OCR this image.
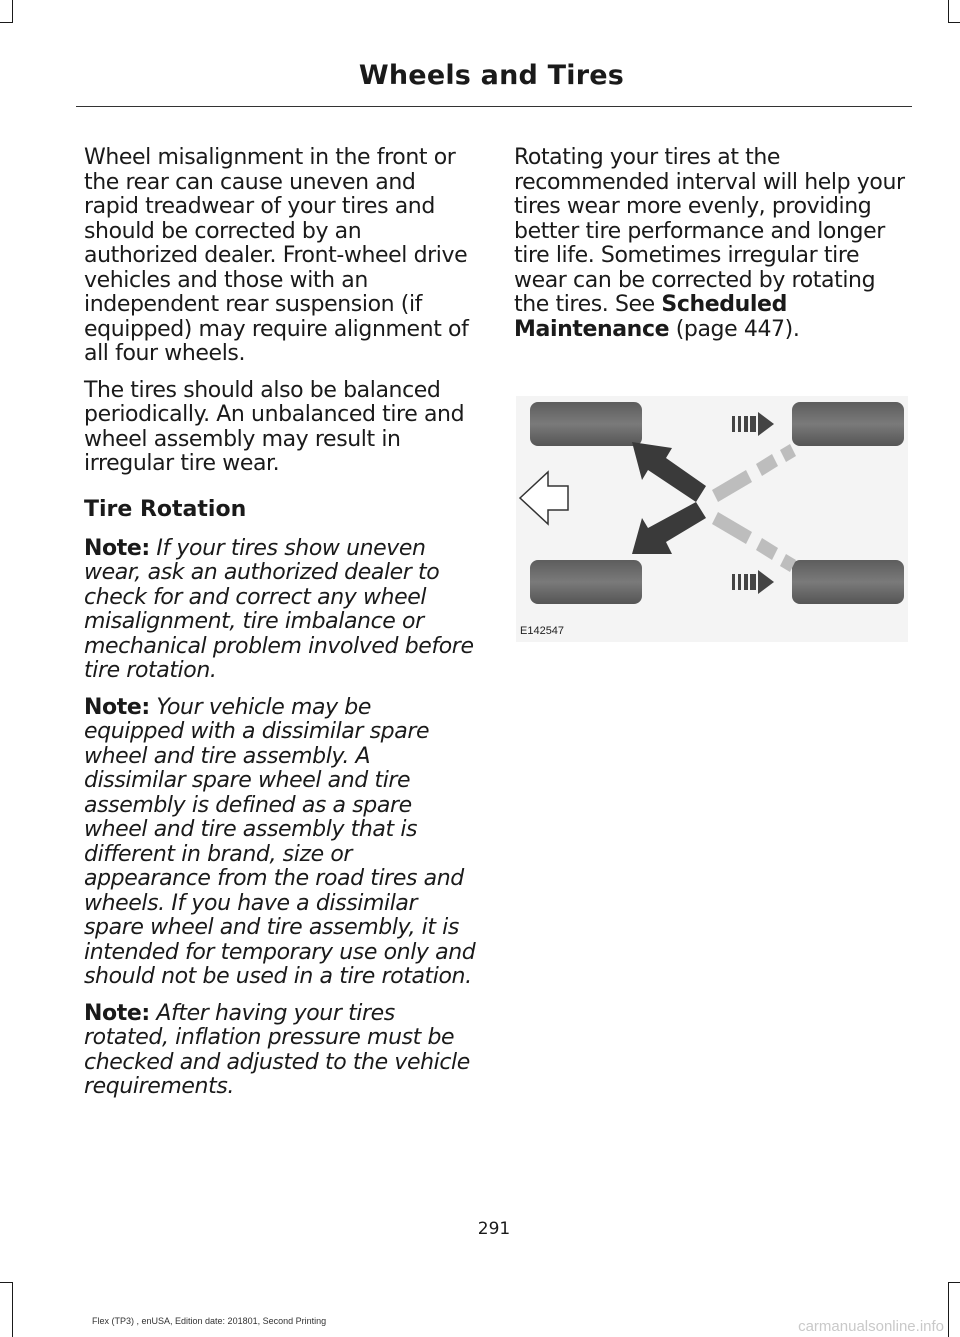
Wheels and Tires

Wheel misalignment in the front or the rear can cause uneven and rapid treadwear of your tires and should be corrected by an authorized dealer. Front-wheel drive vehicles and those with an independent rear suspension (if equipped) may require alignment of all four wheels.

The tires should also be balanced periodically. An unbalanced tire and wheel assembly may result in irregular tire wear.

Tire Rotation

Note: If your tires show uneven wear, ask an authorized dealer to check for and correct any wheel misalignment, tire imbalance or mechanical problem involved before tire rotation.

Note: Your vehicle may be equipped with a dissimilar spare wheel and tire assembly. A dissimilar spare wheel and tire assembly is defined as a spare wheel and tire assembly that is different in brand, size or appearance from the road tires and wheels. If you have a dissimilar spare wheel and tire assembly, it is intended for temporary use only and should not be used in a tire rotation.

Note: After having your tires rotated, inflation pressure must be checked and adjusted to the vehicle requirements.

Rotating your tires at the recommended interval will help your tires wear more evenly, providing better tire performance and longer tire life. Sometimes irregular tire wear can be corrected by rotating the tires. See Scheduled Maintenance (page 447).

E142547
291
Flex (TP3) , enUSA, Edition date: 201801, Second Printing	carmanualsonline.info
